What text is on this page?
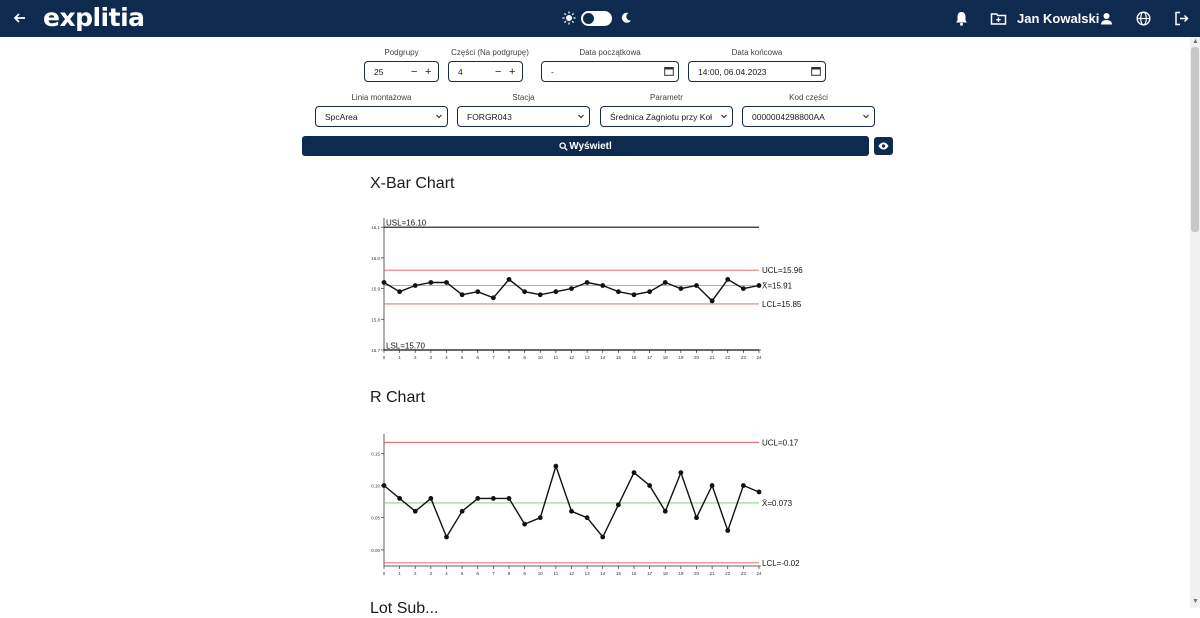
explitia	Jan Kowalski
▲
▼
Podgrupy
25	− +
Części (Na podgrupę)
4	− +
Data początkowa
-
Data końcowa
14:00, 06.04.2023
Linia montażowa
SpcArea
Stacja
FORGR043
Parametr
Średnica Zagniotu przy Koł
Kod części
0000004298800AA
Wyświetl
X-Bar Chart
15.7
15.8
15.9
16.0
16.1
0	1	2	3	4	5	6	7	8	9	10 11 12 13 14 15 16 17 18 19 20 21 22 23 24
USL=16.10
UCL=15.96
X̄=15.91
LCL=15.85
LSL=15.70
R Chart
0.00
0.05
0.10
0.15
0	1	2	3	4	5	6	7	8	9	10 11 12 13 14 15 16 17 18 19 20 21 22 23 24
UCL=0.17
X̄=0.073
LCL=-0.02
Lot Sub...
